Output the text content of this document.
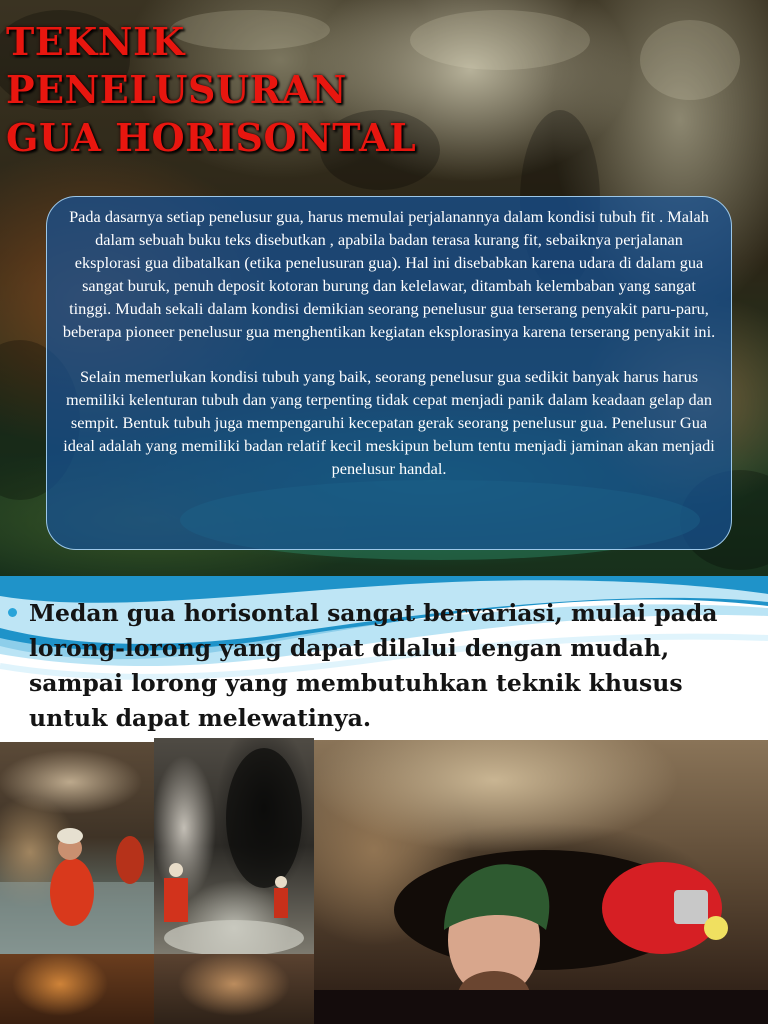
TEKNIK
PENELUSURAN
GUA HORISONTAL

Pada dasarnya setiap penelusur gua, harus memulai perjalanannya dalam kondisi tubuh fit . Malah dalam sebuah buku teks disebutkan , apabila badan terasa kurang fit, sebaiknya perjalanan eksplorasi gua dibatalkan (etika penelusuran gua). Hal ini disebabkan karena udara di dalam gua sangat buruk, penuh deposit kotoran burung dan kelelawar, ditambah kelembaban yang sangat tinggi. Mudah sekali dalam kondisi demikian seorang penelusur gua terserang penyakit paru-paru, beberapa pioneer penelusur gua menghentikan kegiatan eksplorasinya karena terserang penyakit ini.

Selain memerlukan kondisi tubuh yang baik, seorang penelusur gua sedikit banyak harus harus memiliki kelenturan tubuh dan yang terpenting tidak cepat menjadi panik dalam keadaan gelap dan sempit. Bentuk tubuh juga mempengaruhi kecepatan gerak seorang penelusur gua. Penelusur Gua ideal adalah yang memiliki badan relatif kecil meskipun belum tentu menjadi jaminan akan menjadi penelusur handal.

Medan gua horisontal sangat bervariasi, mulai pada lorong-lorong yang dapat dilalui dengan mudah, sampai lorong yang membutuhkan teknik khusus untuk dapat melewatinya.
